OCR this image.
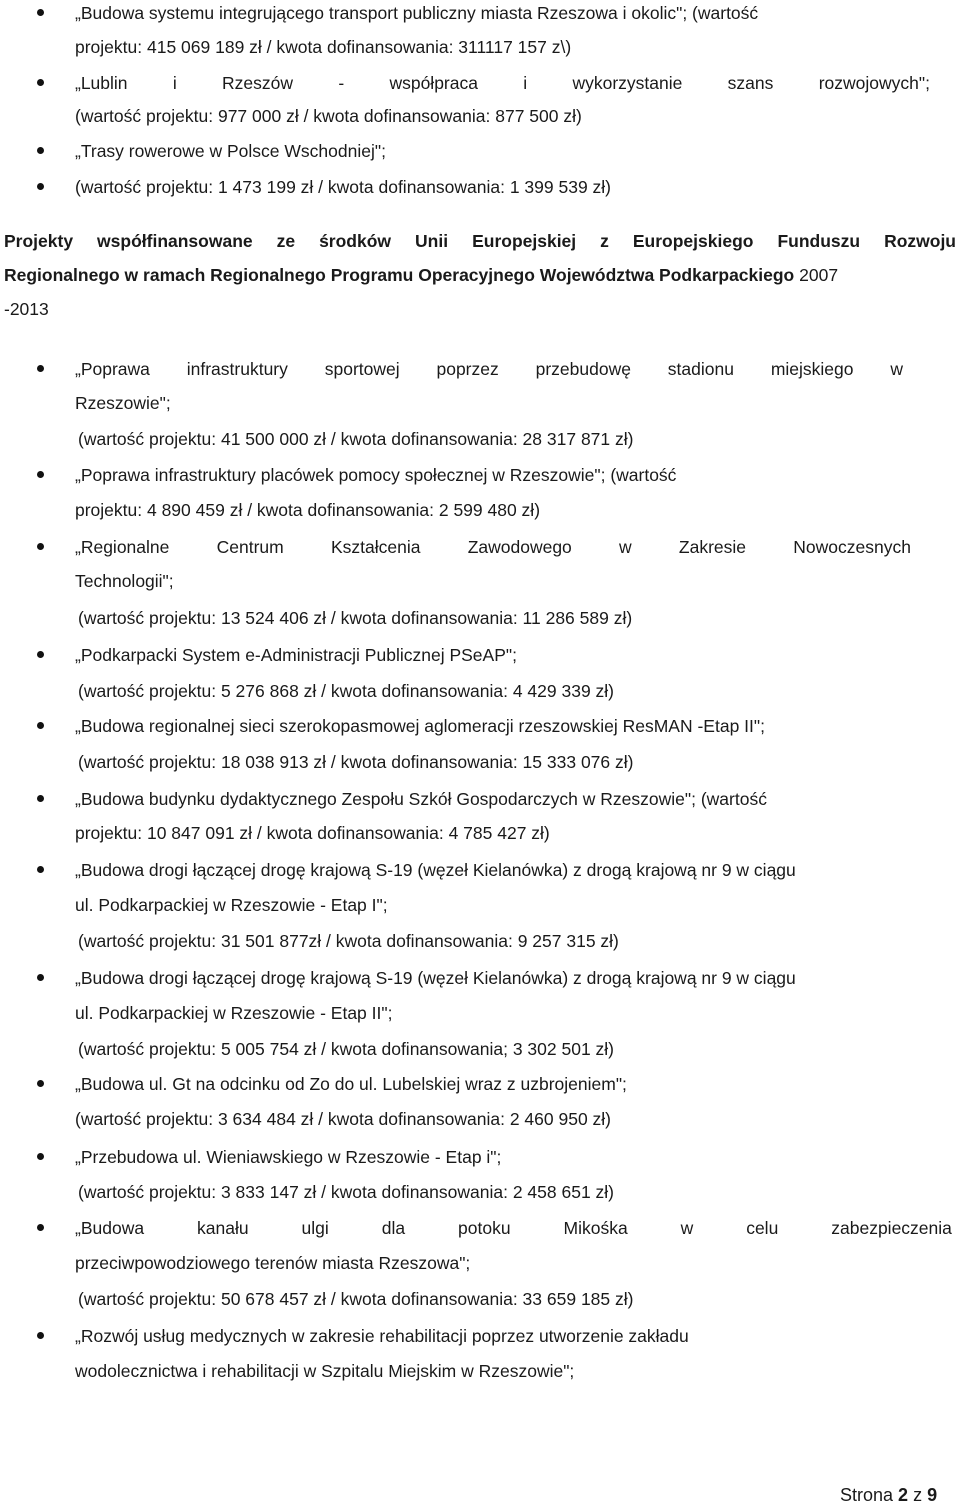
„Budowa systemu integrującego transport publiczny miasta Rzeszowa i okolic"; (wartość
projektu: 415 069 189 zł / kwota dofinansowania: 311117 157 z\)
„Lublin	i	Rzeszów	-	współpraca	i	wykorzystanie	szans	rozwojowych";
(wartość projektu: 977 000 zł / kwota dofinansowania: 877 500 zł)
„Trasy rowerowe w Polsce Wschodniej";
(wartość projektu: 1 473 199 zł / kwota dofinansowania: 1 399 539 zł)
Projekty współfinansowane ze środków Unii Europejskiej z Europejskiego Funduszu Rozwoju
Regionalnego w ramach Regionalnego Programu Operacyjnego Województwa Podkarpackiego 2007
-2013
„Poprawa infrastruktury sportowej poprzez przebudowę stadionu miejskiego w
Rzeszowie";
(wartość projektu: 41 500 000 zł / kwota dofinansowania: 28 317 871 zł)
„Poprawa infrastruktury placówek pomocy społecznej w Rzeszowie"; (wartość
projektu: 4 890 459 zł / kwota dofinansowania: 2 599 480 zł)
„Regionalne	Centrum	Kształcenia	Zawodowego	w	Zakresie	Nowoczesnych
Technologii";
(wartość projektu: 13 524 406 zł / kwota dofinansowania: 11 286 589 zł)
„Podkarpacki System e-Administracji Publicznej PSeAP";
(wartość projektu: 5 276 868 zł / kwota dofinansowania: 4 429 339 zł)
„Budowa regionalnej sieci szerokopasmowej aglomeracji rzeszowskiej ResMAN -Etap II";
(wartość projektu: 18 038 913 zł / kwota dofinansowania: 15 333 076 zł)
„Budowa budynku dydaktycznego Zespołu Szkół Gospodarczych w Rzeszowie"; (wartość
projektu: 10 847 091 zł / kwota dofinansowania: 4 785 427 zł)
„Budowa drogi łączącej drogę krajową S-19 (węzeł Kielanówka) z drogą krajową nr 9 w ciągu
ul. Podkarpackiej w Rzeszowie - Etap I";
(wartość projektu: 31 501 877zł / kwota dofinansowania: 9 257 315 zł)
„Budowa drogi łączącej drogę krajową S-19 (węzeł Kielanówka) z drogą krajową nr 9 w ciągu
ul. Podkarpackiej w Rzeszowie - Etap II";
(wartość projektu: 5 005 754 zł / kwota dofinansowania; 3 302 501 zł)
„Budowa ul. Gt na odcinku od Zo do ul. Lubelskiej wraz z uzbrojeniem";
(wartość projektu: 3 634 484 zł / kwota dofinansowania: 2 460 950 zł)
„Przebudowa ul. Wieniawskiego w Rzeszowie - Etap i";
(wartość projektu: 3 833 147 zł / kwota dofinansowania: 2 458 651 zł)
„Budowa	kanału	ulgi	dla	potoku	Mikośka	w	celu	zabezpieczenia
przeciwpowodziowego terenów miasta Rzeszowa";
(wartość projektu: 50 678 457 zł / kwota dofinansowania: 33 659 185 zł)
„Rozwój usług medycznych w zakresie rehabilitacji poprzez utworzenie zakładu
wodolecznictwa i rehabilitacji w Szpitalu Miejskim w Rzeszowie";
Strona 2 z 9
